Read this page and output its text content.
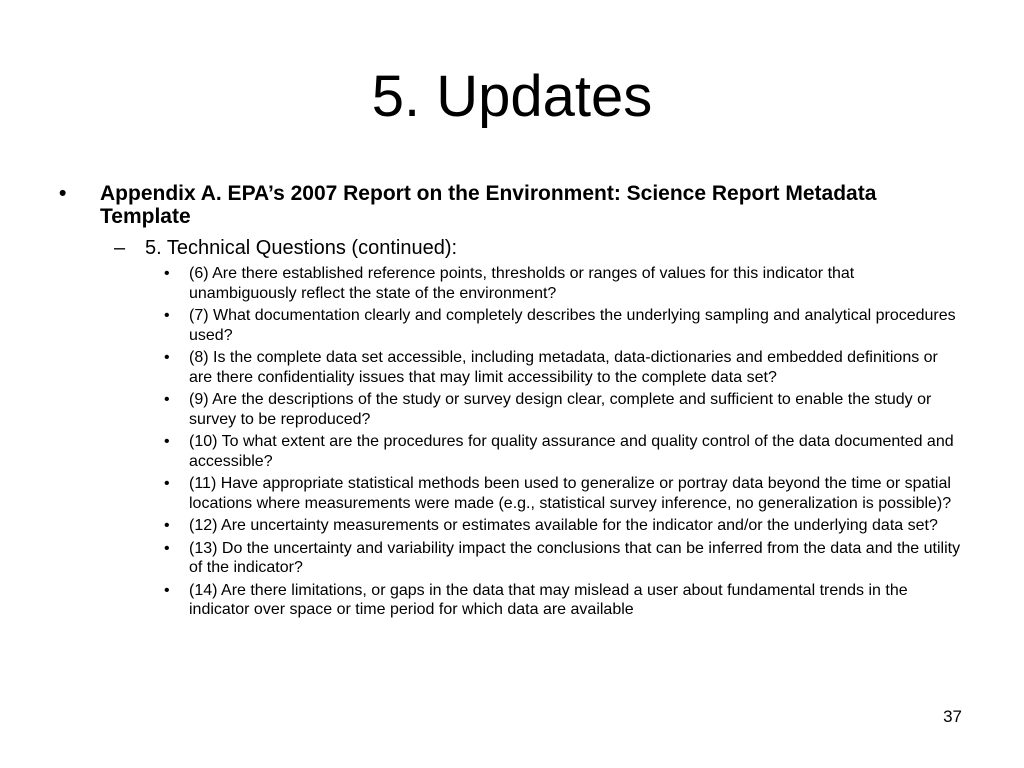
5. Updates
• Appendix A. EPA’s 2007 Report on the Environment: Science Report Metadata Template
– 5. Technical Questions (continued):
• (6) Are there established reference points, thresholds or ranges of values for this indicator that unambiguously reflect the state of the environment?
• (7) What documentation clearly and completely describes the underlying sampling and analytical procedures used?
• (8) Is the complete data set accessible, including metadata, data-dictionaries and embedded definitions or are there confidentiality issues that may limit accessibility to the complete data set?
• (9) Are the descriptions of the study or survey design clear, complete and sufficient to enable the study or survey to be reproduced?
• (10) To what extent are the procedures for quality assurance and quality control of the data documented and accessible?
• (11) Have appropriate statistical methods been used to generalize or portray data beyond the time or spatial locations where measurements were made (e.g., statistical survey inference, no generalization is possible)?
• (12) Are uncertainty measurements or estimates available for the indicator and/or the underlying data set?
• (13) Do the uncertainty and variability impact the conclusions that can be inferred from the data and the utility of the indicator?
• (14) Are there limitations, or gaps in the data that may mislead a user about fundamental trends in the indicator over space or time period for which data are available
37
